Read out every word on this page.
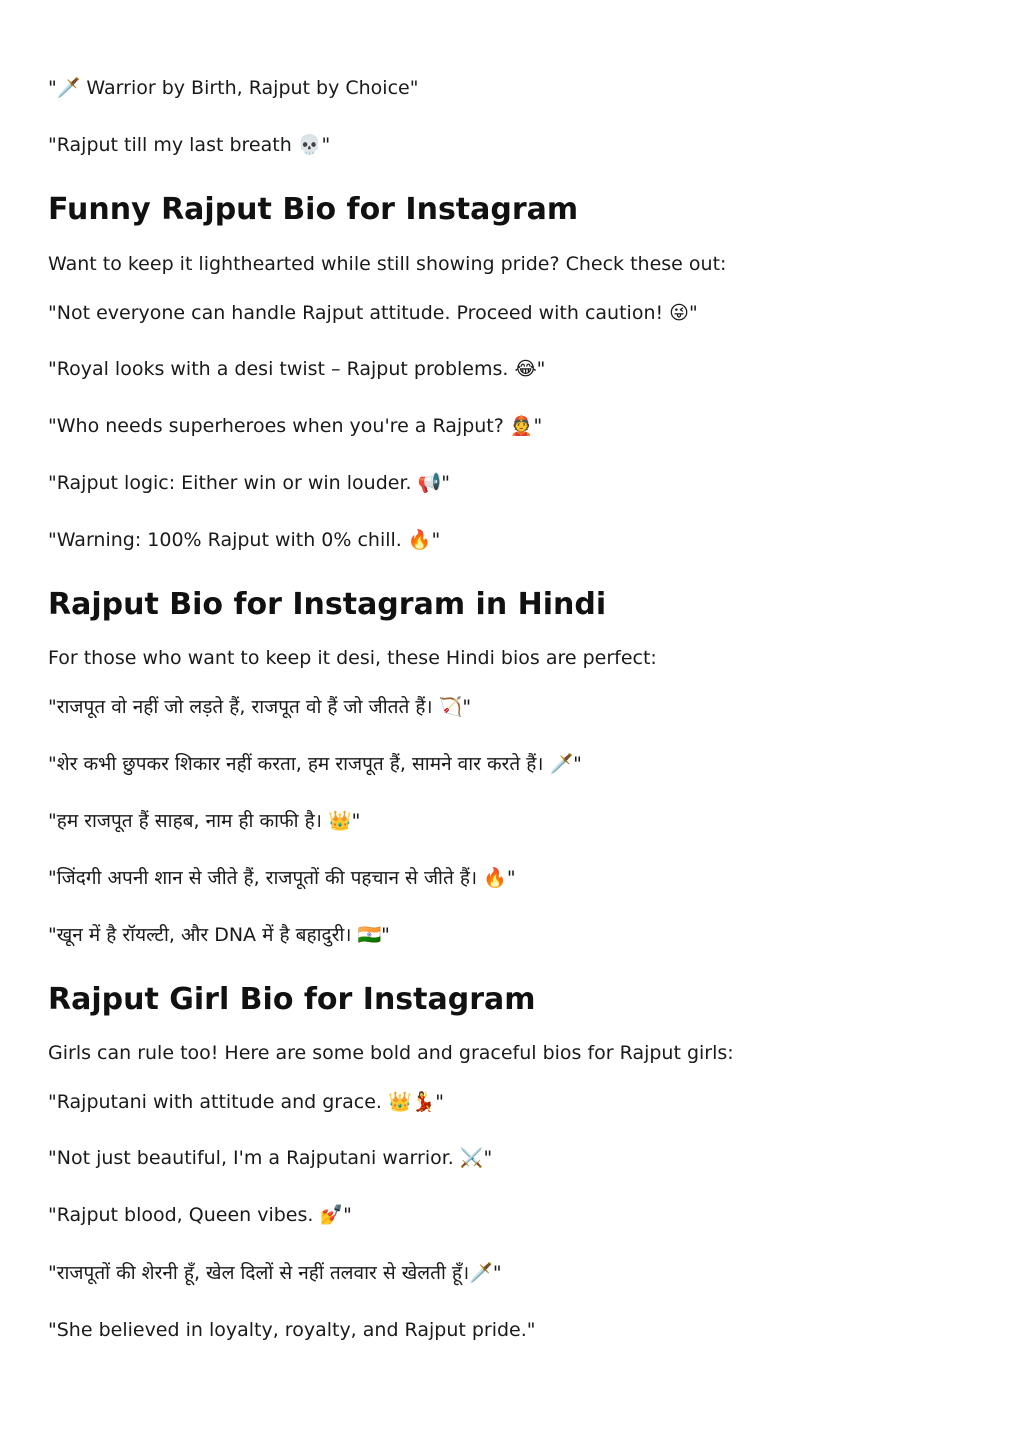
"🗡️ Warrior by Birth, Rajput by Choice"
"Rajput till my last breath 💀"
Funny Rajput Bio for Instagram
Want to keep it lighthearted while still showing pride? Check these out:
"Not everyone can handle Rajput attitude. Proceed with caution! 😜"
"Royal looks with a desi twist – Rajput problems. 😂"
"Who needs superheroes when you're a Rajput? 👲"
"Rajput logic: Either win or win louder. 📢"
"Warning: 100% Rajput with 0% chill. 🔥"
Rajput Bio for Instagram in Hindi
For those who want to keep it desi, these Hindi bios are perfect:
"राजपूत वो नहीं जो लड़ते हैं, राजपूत वो हैं जो जीतते हैं। 🏹"
"शेर कभी छुपकर शिकार नहीं करता, हम राजपूत हैं, सामने वार करते हैं। 🗡️"
"हम राजपूत हैं साहब, नाम ही काफी है। 👑"
"जिंदगी अपनी शान से जीते हैं, राजपूतों की पहचान से जीते हैं। 🔥"
"खून में है रॉयल्टी, और DNA में है बहादुरी। 🇮🇳"
Rajput Girl Bio for Instagram
Girls can rule too! Here are some bold and graceful bios for Rajput girls:
"Rajputani with attitude and grace. 👑💃"
"Not just beautiful, I'm a Rajputani warrior. ⚔️"
"Rajput blood, Queen vibes. 💅"
"राजपूतों की शेरनी हूँ, खेल दिलों से नहीं तलवार से खेलती हूँ।🗡️"
"She believed in loyalty, royalty, and Rajput pride."
